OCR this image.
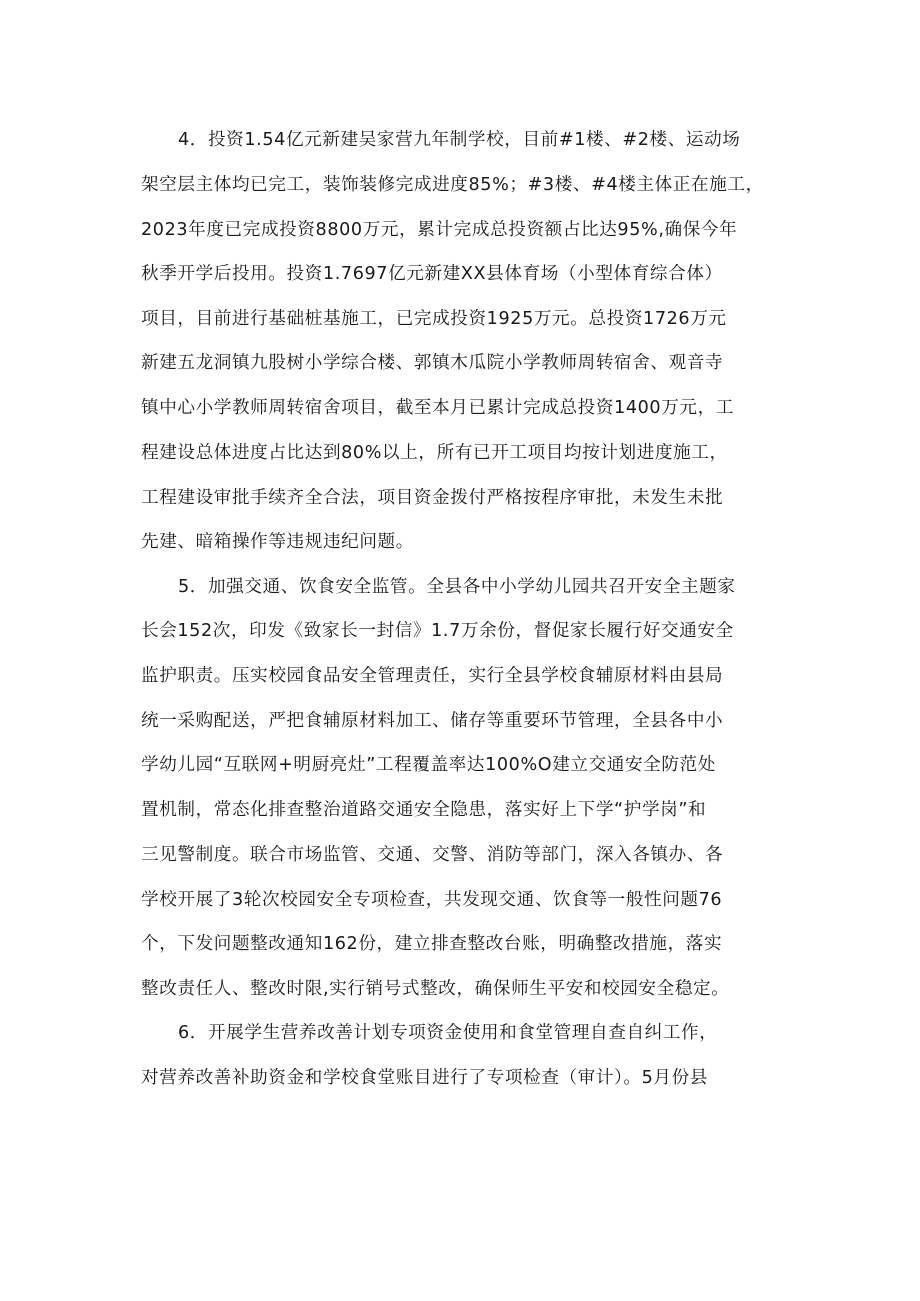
4．投资1.54亿元新建吴家营九年制学校，目前#1楼、#2楼、运动场
架空层主体均已完工，装饰装修完成进度85%；#3楼、#4楼主体正在施工，
2023年度已完成投资8800万元，累计完成总投资额占比达95%,确保今年
秋季开学后投用。投资1.7697亿元新建XX县体育场（小型体育综合体）
项目，目前进行基础桩基施工，已完成投资1925万元。总投资1726万元
新建五龙洞镇九股树小学综合楼、郭镇木瓜院小学教师周转宿舍、观音寺
镇中心小学教师周转宿舍项目，截至本月已累计完成总投资1400万元，工
程建设总体进度占比达到80%以上，所有已开工项目均按计划进度施工，
工程建设审批手续齐全合法，项目资金拨付严格按程序审批，未发生未批
先建、暗箱操作等违规违纪问题。
5．加强交通、饮食安全监管。全县各中小学幼儿园共召开安全主题家
长会152次，印发《致家长一封信》1.7万余份，督促家长履行好交通安全
监护职责。压实校园食品安全管理责任，实行全县学校食辅原材料由县局
统一采购配送，严把食辅原材料加工、储存等重要环节管理，全县各中小
学幼儿园“互联网+明厨亮灶”工程覆盖率达100%O建立交通安全防范处
置机制，常态化排查整治道路交通安全隐患，落实好上下学“护学岗”和
三见警制度。联合市场监管、交通、交警、消防等部门，深入各镇办、各
学校开展了3轮次校园安全专项检查，共发现交通、饮食等一般性问题76
个，下发问题整改通知162份，建立排查整改台账，明确整改措施，落实
整改责任人、整改时限,实行销号式整改，确保师生平安和校园安全稳定。
6．开展学生营养改善计划专项资金使用和食堂管理自查自纠工作，
对营养改善补助资金和学校食堂账目进行了专项检查（审计）。5月份县
